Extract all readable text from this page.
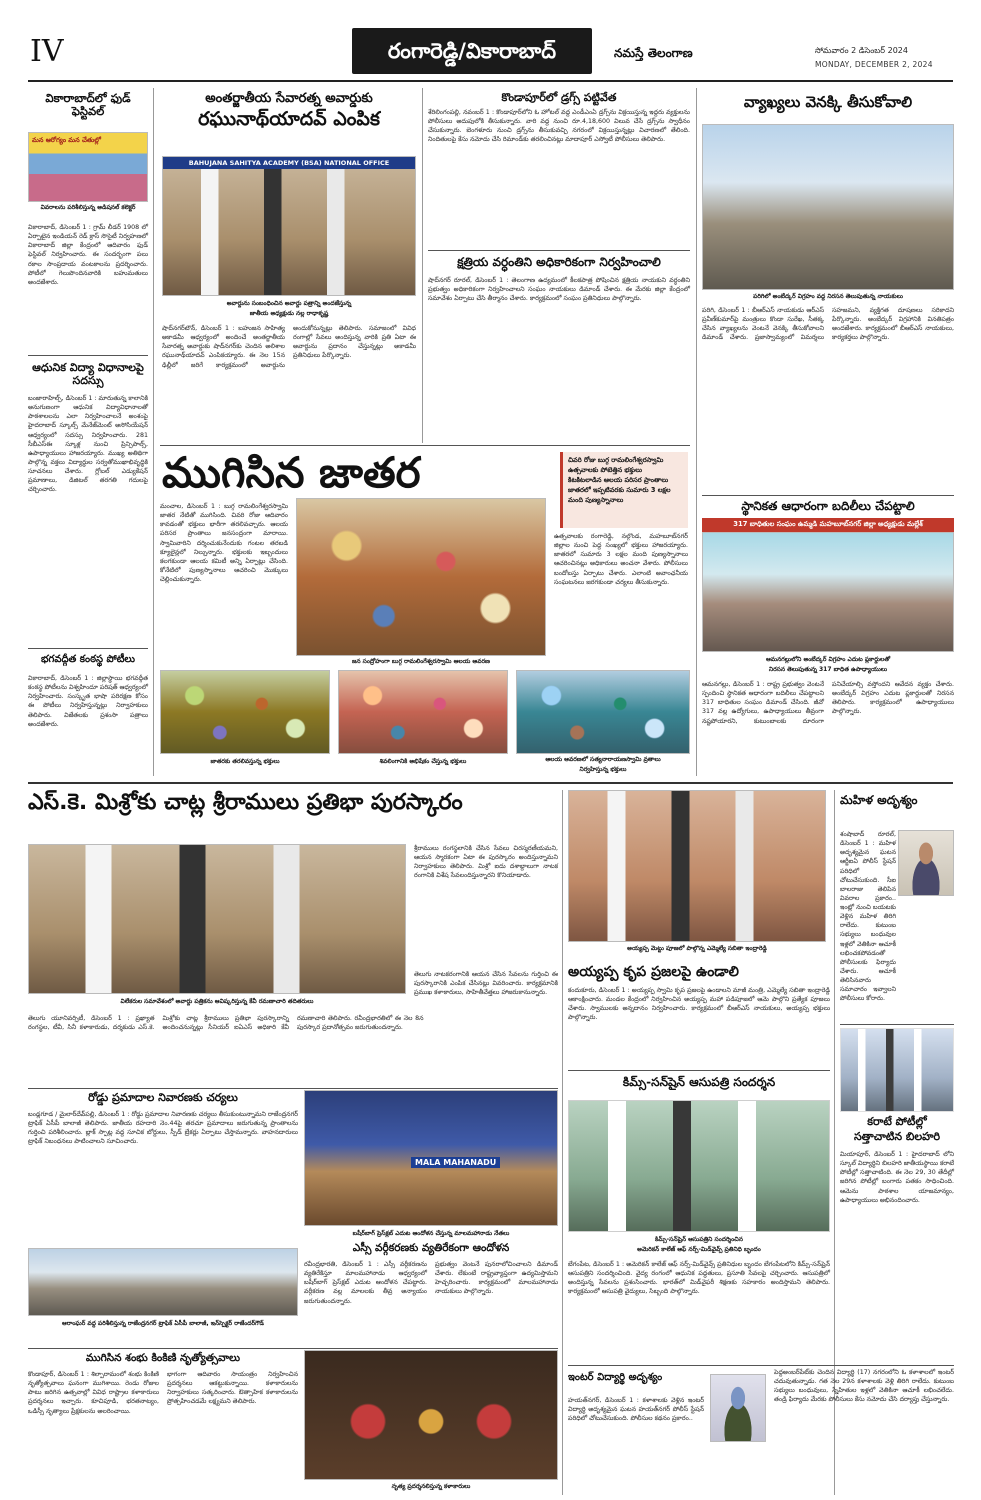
IV	రంగారెడ్డి/వికారాబాద్	నమస్తే తెలంగాణ	సోమవారం 2 డిసెంబర్ 2024
MONDAY, DECEMBER 2, 2024
వికారాబాద్‌లో ఫుడ్ ఫెస్టివల్
మన ఆరోగ్యం మన చేతుల్లో
వివరాలను పరిశీలిస్తున్న అడిషనల్ కలెక్టర్
వికారాబాద్, డిసెంబర్ 1 : గ్రామ్ లీడర్ 1908 లో ఏర్పాటైన ఇండియన్ రెడ్ క్రాస్ సొసైటీ నిర్వహణలో వికారాబాద్ జిల్లా కేంద్రంలో ఆదివారం ఫుడ్ ఫెస్టివల్ నిర్వహించారు. ఈ సందర్భంగా పలు రకాల సాంప్రదాయ వంటకాలను ప్రదర్శించారు. పోటీలో గెలుపొందినవారికి బహుమతులు అందజేశారు.
ఆధునిక విద్యా విధానాలపై సదస్సు
బంజారాహిల్స్, డిసెంబర్ 1 : మారుతున్న కాలానికి అనుగుణంగా ఆధునిక విద్యావిధానాలతో పాఠశాలలను ఎలా నిర్వహించాలనే అంశంపై హైదరాబాద్ స్కూల్స్ మేనేజ్‌మెంట్ అసోసియేషన్ ఆధ్వర్యంలో సదస్సు నిర్వహించారు. 281 సీబీఎస్ఈ స్కూళ్ల నుంచి ప్రిన్సిపాల్స్, ఉపాధ్యాయులు హాజరయ్యారు. ముఖ్య అతిథిగా పాల్గొన్న వక్తలు విద్యార్థుల సర్వతోముఖాభివృద్ధికి సూచనలు చేశారు. గ్లోబల్ ఎడ్యుకేషన్ ప్రమాణాలు, డిజిటల్ తరగతి గదులపై చర్చించారు.
భగవద్గీత కంఠస్థ పోటీలు
వికారాబాద్, డిసెంబర్ 1 : జిల్లాస్థాయి భగవద్గీత కంఠస్థ పోటీలను విశ్వహిందూ పరిషత్ ఆధ్వర్యంలో నిర్వహించారు. సంస్కృత భాషా పరిరక్షణ కోసం ఈ పోటీలు నిర్వహిస్తున్నట్లు నిర్వాహకులు తెలిపారు. విజేతలకు ప్రశంసా పత్రాలు అందజేశారు.
అంతర్జాతీయ సేవారత్న అవార్డుకు
రఘునాథ్‌యాదవ్ ఎంపిక
BAHUJANA SAHITYA ACADEMY (BSA) NATIONAL OFFICE
అవార్డును సంబంధించిన అవార్డు పత్రాన్ని అందజేస్తున్న
జాతీయ అధ్యక్షుడు నల్ల రాధాకృష్ణ
షాద్‌నగర్‌టౌన్, డిసెంబర్ 1 : బహుజన సాహిత్య అకాడమీ ఆధ్వర్యంలో అందించే అంతర్జాతీయ సేవారత్న అవార్డుకు షాద్‌నగర్‌కు చెందిన అలిశాల రఘునాథ్‌యాదవ్ ఎంపికయ్యారు. ఈ నెల 15న ఢిల్లీలో జరిగే కార్యక్రమంలో అవార్డును అందుకోనున్నట్లు తెలిపారు. సమాజంలో వివిధ రంగాల్లో సేవలు అందిస్తున్న వారికి ప్రతి ఏటా ఈ అవార్డును ప్రదానం చేస్తున్నట్లు అకాడమీ ప్రతినిధులు పేర్కొన్నారు.
కొండాపూర్‌లో డ్రగ్స్ పట్టివేత
శేరిలింగంపల్లి, నవంబర్ 1 : కొండాపూర్‌లోని ఓ హోటల్ వద్ద ఎండీఎంఏ డ్రగ్స్‌ను విక్రయిస్తున్న ఇద్దరు వ్యక్తులను పోలీసులు అదుపులోకి తీసుకున్నారు. వారి వద్ద నుంచి రూ.4,18,600 విలువ చేసే డ్రగ్స్‌ను స్వాధీనం చేసుకున్నారు. బెంగళూరు నుంచి డ్రగ్స్‌ను తీసుకువచ్చి నగరంలో విక్రయిస్తున్నట్లు విచారణలో తేలింది. నిందితులపై కేసు నమోదు చేసి రిమాండ్‌కు తరలించినట్లు మాదాపూర్ ఎస్వోటీ పోలీసులు తెలిపారు.
క్షత్రియ వర్ధంతిని అధికారికంగా నిర్వహించాలి
షాద్‌నగర్ రూరల్, డిసెంబర్ 1 : తెలంగాణ ఉద్యమంలో కీలకపాత్ర పోషించిన క్షత్రియ నాయకుని వర్ధంతిని ప్రభుత్వం అధికారికంగా నిర్వహించాలని సంఘం నాయకులు డిమాండ్ చేశారు. ఈ మేరకు జిల్లా కేంద్రంలో సమావేశం ఏర్పాటు చేసి తీర్మానం చేశారు. కార్యక్రమంలో సంఘం ప్రతినిధులు పాల్గొన్నారు.
వ్యాఖ్యలు వెనక్కి తీసుకోవాలి
పరిగిలో అంబేద్కర్ విగ్రహం వద్ద నిరసన తెలుపుతున్న నాయకులు
పరిగి, డిసెంబర్ 1 : బీఆర్ఎస్ నాయకుడు ఆర్ఎస్ ప్రవీణ్‌కుమార్‌పై మంత్రులు కొండా సురేఖ, సీతక్క చేసిన వ్యాఖ్యలను వెంటనే వెనక్కి తీసుకోవాలని డిమాండ్ చేశారు. ప్రజాస్వామ్యంలో విమర్శలు సహజమని, వ్యక్తిగత దూషణలు సరికాదని పేర్కొన్నారు. అంబేద్కర్ విగ్రహానికి వినతిపత్రం అందజేశారు. కార్యక్రమంలో బీఆర్ఎస్ నాయకులు, కార్యకర్తలు పాల్గొన్నారు.
ముగిసిన జాతర	చివరి రోజు బుగ్గ రామలింగేశ్వరస్వామి ఉత్సవాలకు పోటెత్తిన భక్తులు
కిటకిటలాడిన ఆలయ పరిసర ప్రాంతాలు
జాతరలో ఇప్పటివరకు సుమారు 3 లక్షల మంది పుణ్యస్నానాలు
మంచాల, డిసెంబర్ 1 : బుగ్గ రామలింగేశ్వరస్వామి జాతర నేటితో ముగిసింది. చివరి రోజు ఆదివారం కావడంతో భక్తులు భారీగా తరలివచ్చారు. ఆలయ పరిసర ప్రాంతాలు జనసంద్రంగా మారాయి. స్వామివారిని దర్శించుకునేందుకు గంటల తరబడి క్యూలైన్లలో నిల్చున్నారు. భక్తులకు ఇబ్బందులు కలగకుండా ఆలయ కమిటీ అన్ని ఏర్పాట్లు చేసింది. కోనేటిలో పుణ్యస్నానాలు ఆచరించి మొక్కులు చెల్లించుకున్నారు.
జన సంద్రోహంగా బుగ్గ రామలింగేశ్వరస్వామి ఆలయ ఆవరణ
ఉత్సవాలకు రంగారెడ్డి, నల్గొండ, మహబూబ్‌నగర్ జిల్లాల నుంచి పెద్ద సంఖ్యలో భక్తులు హాజరయ్యారు. జాతరలో సుమారు 3 లక్షల మంది పుణ్యస్నానాలు ఆచరించినట్లు అధికారులు అంచనా వేశారు. పోలీసులు బందోబస్తు ఏర్పాటు చేశారు. ఎలాంటి అవాంఛనీయ సంఘటనలు జరగకుండా చర్యలు తీసుకున్నారు.
జాతరకు తరలివస్తున్న భక్తులు	శివలింగానికి అభిషేకం చేస్తున్న భక్తులు	ఆలయ ఆవరణలో సత్యనారాయణస్వామి వ్రతాలు
నిర్వహిస్తున్న భక్తులు
స్థానికత ఆధారంగా బదిలీలు చేపట్టాలి
317 బాధితుల సంఘం ఉమ్మడి మహబూబ్‌నగర్ జిల్లా అధ్యక్షుడు మల్లేశ్
ఆమనగల్లులోని అంబేద్కర్ విగ్రహం ఎదుట ప్లకార్డులతో
నిరసన తెలుపుతున్న 317 బాధిత ఉపాధ్యాయులు
ఆమనగల్లు, డిసెంబర్ 1 : రాష్ట్ర ప్రభుత్వం వెంటనే స్పందించి స్థానికత ఆధారంగా బదిలీలు చేపట్టాలని 317 బాధితుల సంఘం డిమాండ్ చేసింది. జీవో 317 వల్ల ఉద్యోగులు, ఉపాధ్యాయులు తీవ్రంగా నష్టపోయారని, కుటుంబాలకు దూరంగా పనిచేయాల్సి వస్తోందని ఆవేదన వ్యక్తం చేశారు. అంబేద్కర్ విగ్రహం ఎదుట ప్లకార్డులతో నిరసన తెలిపారు. కార్యక్రమంలో ఉపాధ్యాయులు పాల్గొన్నారు.
ఎస్.కె. మిశ్రోకు చాట్ల శ్రీరాములు ప్రతిభా పురస్కారం
విలేకరుల సమావేశంలో అవార్డు పత్రికను ఆవిష్కరిస్తున్న కేవీ రమణాచారి తదితరులు
శ్రీరాములు రంగస్థలానికి చేసిన సేవలు చిరస్మరణీయమని, ఆయన స్మారకంగా ఏటా ఈ పురస్కారం అందిస్తున్నామని నిర్వాహకులు తెలిపారు. మిశ్రో ఐదు దశాబ్దాలుగా నాటక రంగానికి విశేష సేవలందిస్తున్నారని కొనియాడారు.
తెలుగు యూనివర్సిటీ, డిసెంబర్ 1 : ప్రఖ్యాత రంగస్థల, టీవీ, సినీ కళాకారుడు, దర్శకుడు ఎస్.కె. మిశ్రోకు చాట్ల శ్రీరాములు ప్రతిభా పురస్కారాన్ని అందించనున్నట్లు సీనియర్ ఐఏఎస్ అధికారి కేవీ రమణాచారి తెలిపారు. రవీంద్రభారతిలో ఈ నెల 8న పురస్కార ప్రదానోత్సవం జరుగుతుందన్నారు.
తెలుగు నాటకరంగానికి ఆయన చేసిన సేవలను గుర్తించి ఈ పురస్కారానికి ఎంపిక చేసినట్లు వివరించారు. కార్యక్రమానికి ప్రముఖ కళాకారులు, సాహితీవేత్తలు హాజరుకానున్నారు.
అయ్యప్ప మెట్టు పూజలో పాల్గొన్న ఎమ్మెల్యే సబితా ఇంద్రారెడ్డి
అయ్యప్ప కృప ప్రజలపై ఉండాలి
కందుకూరు, డిసెంబర్ 1 : అయ్యప్ప స్వామి కృప ప్రజలపై ఉండాలని మాజీ మంత్రి, ఎమ్మెల్యే సబితా ఇంద్రారెడ్డి ఆకాంక్షించారు. మండల కేంద్రంలో నిర్వహించిన అయ్యప్ప మహా పడిపూజలో ఆమె పాల్గొని ప్రత్యేక పూజలు చేశారు. స్వాములకు అన్నదానం నిర్వహించారు. కార్యక్రమంలో బీఆర్ఎస్ నాయకులు, అయ్యప్ప భక్తులు పాల్గొన్నారు.
మహిళ అదృశ్యం
శంషాబాద్ రూరల్, డిసెంబర్ 1 : మహిళ అదృశ్యమైన ఘటన ఆర్జీఐఏ పోలీస్ స్టేషన్ పరిధిలో చోటుచేసుకుంది. సీఐ బాలరాజు తెలిపిన వివరాల ప్రకారం.. ఇంట్లో నుంచి బయటకు వెళ్లిన మహిళ తిరిగి రాలేదు. కుటుంబ సభ్యులు బంధువుల ఇళ్లలో వెతికినా ఆచూకీ లభించకపోవడంతో పోలీసులకు ఫిర్యాదు చేశారు. ఆచూకీ తెలిసినవారు సమాచారం ఇవ్వాలని పోలీసులు కోరారు.
రోడ్డు ప్రమాదాల నివారణకు చర్యలు
బండ్లగూడ / మైలార్‌దేవ్‌పల్లి, డిసెంబర్ 1 : రోడ్డు ప్రమాదాల నివారణకు చర్యలు తీసుకుంటున్నామని రాజేంద్రనగర్ ట్రాఫిక్ ఏసీపీ బాలాజీ తెలిపారు. జాతీయ రహదారి నెం.44పై తరచూ ప్రమాదాలు జరుగుతున్న ప్రాంతాలను గుర్తించి పరిశీలించారు. బ్లాక్ స్పాట్ల వద్ద సూచిక బోర్డులు, స్పీడ్ బ్రేకర్లు ఏర్పాటు చేస్తామన్నారు. వాహనదారులు ట్రాఫిక్ నిబంధనలు పాటించాలని సూచించారు.
ఆరాంఘర్ వద్ద పరిశీలిస్తున్న రాజేంద్రనగర్ ట్రాఫిక్ ఏసీపీ బాలాజీ, ఇన్‌స్పెక్టర్ రాజేందర్‌గౌడ్
MALA MAHANADU
బషీర్‌బాగ్ ప్రెస్‌క్లబ్ ఎదుట ఆందోళన చేస్తున్న మాలమహానాడు నేతలు
ఎస్సీ వర్గీకరణకు వ్యతిరేకంగా ఆందోళన
రవీంద్రభారతి, డిసెంబర్ 1 : ఎస్సీ వర్గీకరణను వ్యతిరేకిస్తూ మాలమహానాడు ఆధ్వర్యంలో బషీర్‌బాగ్ ప్రెస్‌క్లబ్ ఎదుట ఆందోళన చేపట్టారు. వర్గీకరణ వల్ల మాలలకు తీవ్ర అన్యాయం జరుగుతుందన్నారు.
ప్రభుత్వం వెంటనే పునరాలోచించాలని డిమాండ్ చేశారు. లేకుంటే రాష్ట్రవ్యాప్తంగా ఉద్యమిస్తామని హెచ్చరించారు. కార్యక్రమంలో మాలమహానాడు నాయకులు పాల్గొన్నారు.
కిమ్స్-సన్‌షైన్ ఆసుపత్రి సందర్శన
కిమ్స్-సన్‌షైన్ ఆసుపత్రిని సందర్శించిన
అమెరికన్ కాలేజ్ ఆఫ్ నర్స్-మిడ్‌వైవ్స్ ప్రతినిధి బృందం
బేగంపేట, డిసెంబర్ 1 : అమెరికన్ కాలేజ్ ఆఫ్ నర్స్-మిడ్‌వైవ్స్ ప్రతినిధుల బృందం బేగంపేటలోని కిమ్స్-సన్‌షైన్ ఆసుపత్రిని సందర్శించింది. వైద్య రంగంలో ఆధునిక పద్ధతులు, ప్రసూతి సేవలపై చర్చించారు. ఆసుపత్రిలో అందిస్తున్న సేవలను ప్రశంసించారు. భారత్‌లో మిడ్‌వైఫరీ శిక్షణకు సహకారం అందిస్తామని తెలిపారు. కార్యక్రమంలో ఆసుపత్రి వైద్యులు, సిబ్బంది పాల్గొన్నారు.
కరాటే పోటీల్లో
సత్తాచాటిన బిలహరి
మియాపూర్, డిసెంబర్ 1 : హైదరాబాద్ లోని స్కూల్ విద్యార్థిని బిలహరి జాతీయస్థాయి కరాటే పోటీల్లో సత్తాచాటింది. ఈ నెల 29, 30 తేదీల్లో జరిగిన పోటీల్లో బంగారు పతకం సాధించింది. ఆమెను పాఠశాల యాజమాన్యం, ఉపాధ్యాయులు అభినందించారు.
ముగిసిన శంభు కింకిణి నృత్యోత్సవాలు
కొండాపూర్, డిసెంబర్ 1 : శిల్పారామంలో శంభు కింకిణి నృత్యోత్సవాలు ఘనంగా ముగిశాయి. రెండు రోజుల పాటు జరిగిన ఉత్సవాల్లో వివిధ రాష్ట్రాల కళాకారులు ప్రదర్శనలు ఇచ్చారు. కూచిపూడి, భరతనాట్యం, ఒడిస్సీ నృత్యాలు ప్రేక్షకులను అలరించాయి.
భాగంగా ఆదివారం సాయంత్రం నిర్వహించిన ప్రదర్శనలు ఆకట్టుకున్నాయి. కళాకారులను నిర్వాహకులు సత్కరించారు. ఔత్సాహిక కళాకారులను ప్రోత్సహించడమే లక్ష్యమని తెలిపారు.
నృత్య ప్రదర్శనలిస్తున్న కళాకారులు
ఇంటర్ విద్యార్థి అదృశ్యం
హయత్‌నగర్, డిసెంబర్ 1 : కళాశాలకు వెళ్లిన ఇంటర్ విద్యార్థి అదృశ్యమైన ఘటన హయత్‌నగర్ పోలీస్ స్టేషన్ పరిధిలో చోటుచేసుకుంది. పోలీసుల కథనం ప్రకారం..
పెద్దఅంబర్‌పేట్‌కు చెందిన విద్యార్థి (17) నగరంలోని ఓ కళాశాలలో ఇంటర్ చదువుతున్నాడు. గత నెల 29న కళాశాలకు వెళ్లి తిరిగి రాలేదు. కుటుంబ సభ్యులు బంధువులు, స్నేహితుల ఇళ్లలో వెతికినా ఆచూకీ లభించలేదు. తండ్రి ఫిర్యాదు మేరకు పోలీసులు కేసు నమోదు చేసి దర్యాప్తు చేస్తున్నారు.
